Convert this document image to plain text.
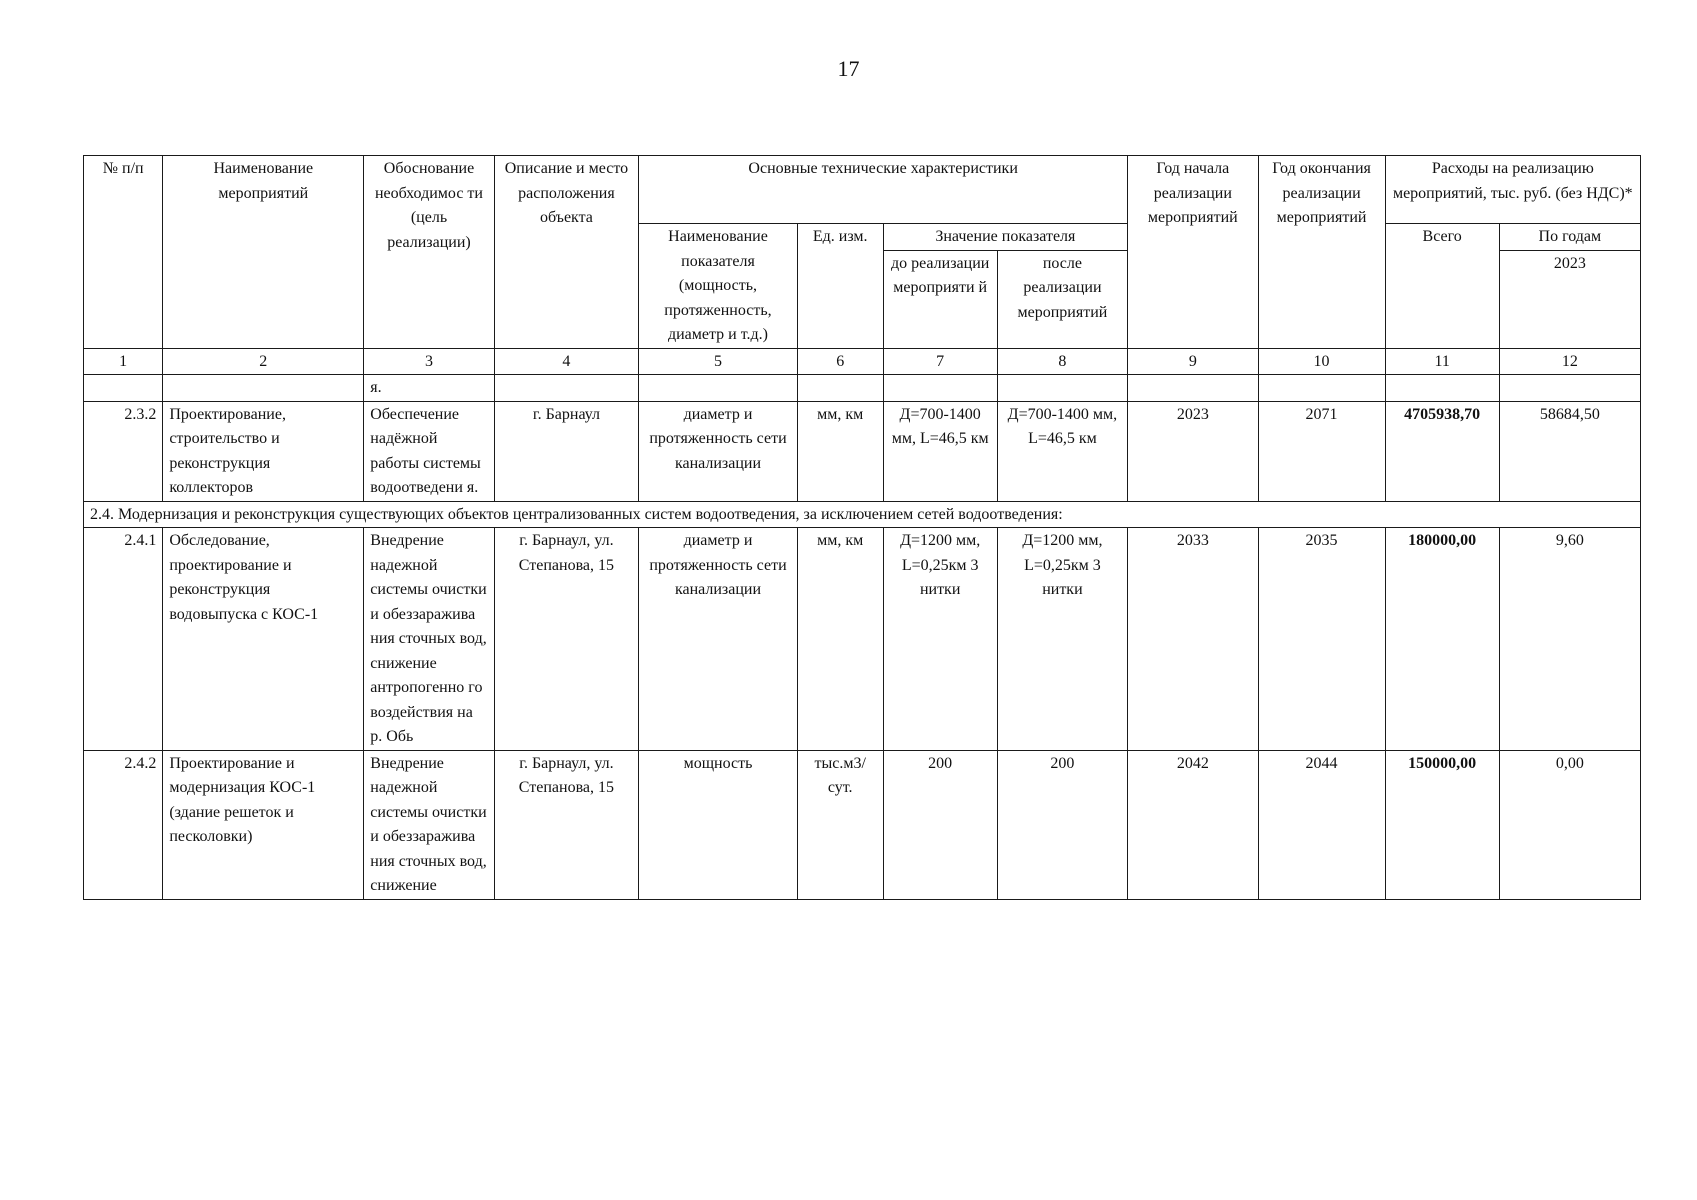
17
№ п/п	Наименование мероприятий	Обоснование необходимос ти (цель реализации)	Описание и место расположения объекта	Основные технические характеристики				Год начала реализации мероприятий	Год окончания реализации мероприятий	Расходы на реализацию мероприятий, тыс. руб. (без НДС)*	
				Наименование показателя (мощность, протяженность, диаметр и т.д.)	Ед. изм.	Значение показателя				Всего	По годам
						до реализации мероприяти й	после реализации мероприятий				2023
1	2	3	4	5	6	7	8	9	10	11	12
		я.									
2.3.2	Проектирование, строительство и реконструкция коллекторов	Обеспечение надёжной работы системы водоотведени я.	г. Барнаул	диаметр и протяженность сети канализации	мм, км	Д=700-1400 мм, L=46,5 км	Д=700-1400 мм, L=46,5 км	2023	2071	4705938,70	58684,50
2.4. Модернизация и реконструкция существующих объектов централизованных систем водоотведения, за исключением сетей водоотведения:											
2.4.1	Обследование, проектирование и реконструкция водовыпуска с КОС-1	Внедрение надежной системы очистки и обеззаражива ния сточных вод, снижение антропогенно го воздействия на р. Обь	г. Барнаул, ул. Степанова, 15	диаметр и протяженность сети канализации	мм, км	Д=1200 мм, L=0,25км 3 нитки	Д=1200 мм, L=0,25км 3 нитки	2033	2035	180000,00	9,60
2.4.2	Проектирование и модернизация КОС-1 (здание решеток и песколовки)	Внедрение надежной системы очистки и обеззаражива ния сточных вод, снижение	г. Барнаул, ул. Степанова, 15	мощность	тыс.м3/ сут.	200	200	2042	2044	150000,00	0,00
